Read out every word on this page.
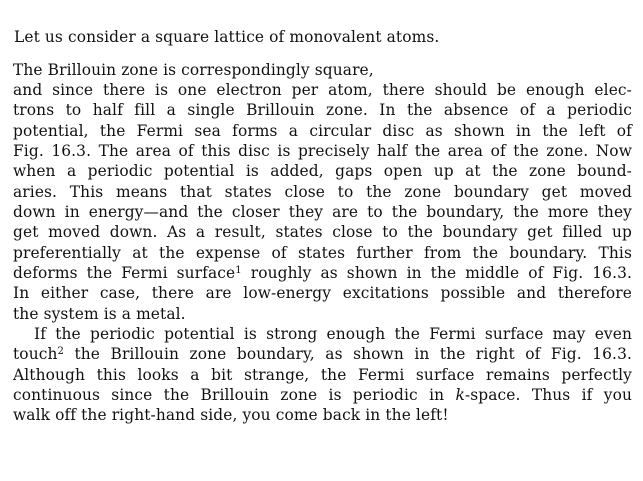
Let us consider a square lattice of monovalent atoms.

The Brillouin zone is correspondingly square,

and since there is one electron per atom, there should be enough elec-

trons to half fill a single Brillouin zone. In the absence of a periodic

potential, the Fermi sea forms a circular disc as shown in the left of

Fig. 16.3. The area of this disc is precisely half the area of the zone. Now

when a periodic potential is added, gaps open up at the zone bound-

aries. This means that states close to the zone boundary get moved

down in energy—and the closer they are to the boundary, the more they

get moved down. As a result, states close to the boundary get filled up

preferentially at the expense of states further from the boundary. This

deforms the Fermi surface$^1$ roughly as shown in the middle of Fig. 16.3.

In either case, there are low-energy excitations possible and therefore

the system is a metal.

If the periodic potential is strong enough the Fermi surface may even

touch$^2$ the Brillouin zone boundary, as shown in the right of Fig. 16.3.

Although this looks a bit strange, the Fermi surface remains perfectly

continuous since the Brillouin zone is periodic in k-space. Thus if you

walk off the right-hand side, you come back in the left!
